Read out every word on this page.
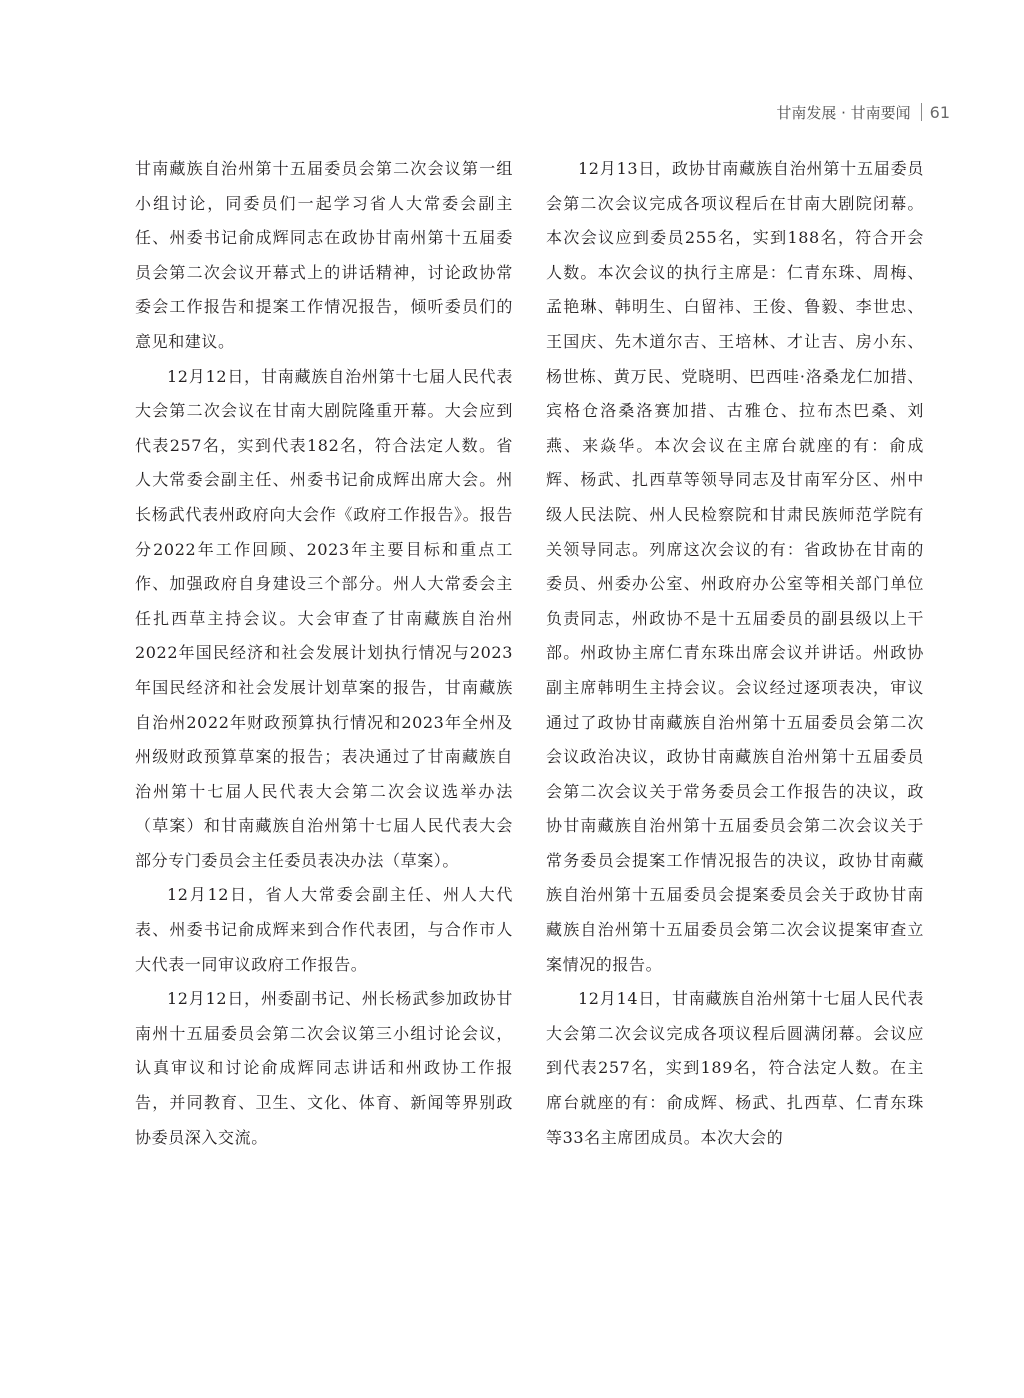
甘南发展 · 甘南要闻 61

甘南藏族自治州第十五届委员会第二次会议第一组小组讨论，同委员们一起学习省人大常委会副主任、州委书记俞成辉同志在政协甘南州第十五届委员会第二次会议开幕式上的讲话精神，讨论政协常委会工作报告和提案工作情况报告，倾听委员们的意见和建议。

12月12日，甘南藏族自治州第十七届人民代表大会第二次会议在甘南大剧院隆重开幕。大会应到代表257名，实到代表182名，符合法定人数。省人大常委会副主任、州委书记俞成辉出席大会。州长杨武代表州政府向大会作《政府工作报告》。报告分2022年工作回顾、2023年主要目标和重点工作、加强政府自身建设三个部分。州人大常委会主任扎西草主持会议。大会审查了甘南藏族自治州2022年国民经济和社会发展计划执行情况与2023年国民经济和社会发展计划草案的报告，甘南藏族自治州2022年财政预算执行情况和2023年全州及州级财政预算草案的报告；表决通过了甘南藏族自治州第十七届人民代表大会第二次会议选举办法（草案）和甘南藏族自治州第十七届人民代表大会部分专门委员会主任委员表决办法（草案）。

12月12日，省人大常委会副主任、州人大代表、州委书记俞成辉来到合作代表团，与合作市人大代表一同审议政府工作报告。

12月12日，州委副书记、州长杨武参加政协甘南州十五届委员会第二次会议第三小组讨论会议，认真审议和讨论俞成辉同志讲话和州政协工作报告，并同教育、卫生、文化、体育、新闻等界别政协委员深入交流。

12月13日，政协甘南藏族自治州第十五届委员会第二次会议完成各项议程后在甘南大剧院闭幕。本次会议应到委员255名，实到188名，符合开会人数。本次会议的执行主席是：仁青东珠、周梅、孟艳琳、韩明生、白留祎、王俊、鲁毅、李世忠、王国庆、先木道尔吉、王培林、才让吉、房小东、杨世栋、黄万民、党晓明、巴西哇·洛桑龙仁加措、宾格仓洛桑洛赛加措、古雅仓、拉布杰巴桑、刘燕、来焱华。本次会议在主席台就座的有：俞成辉、杨武、扎西草等领导同志及甘南军分区、州中级人民法院、州人民检察院和甘肃民族师范学院有关领导同志。列席这次会议的有：省政协在甘南的委员、州委办公室、州政府办公室等相关部门单位负责同志，州政协不是十五届委员的副县级以上干部。州政协主席仁青东珠出席会议并讲话。州政协副主席韩明生主持会议。会议经过逐项表决，审议通过了政协甘南藏族自治州第十五届委员会第二次会议政治决议，政协甘南藏族自治州第十五届委员会第二次会议关于常务委员会工作报告的决议，政协甘南藏族自治州第十五届委员会第二次会议关于常务委员会提案工作情况报告的决议，政协甘南藏族自治州第十五届委员会提案委员会关于政协甘南藏族自治州第十五届委员会第二次会议提案审查立案情况的报告。

12月14日，甘南藏族自治州第十七届人民代表大会第二次会议完成各项议程后圆满闭幕。会议应到代表257名，实到189名，符合法定人数。在主席台就座的有：俞成辉、杨武、扎西草、仁青东珠等33名主席团成员。本次大会的
